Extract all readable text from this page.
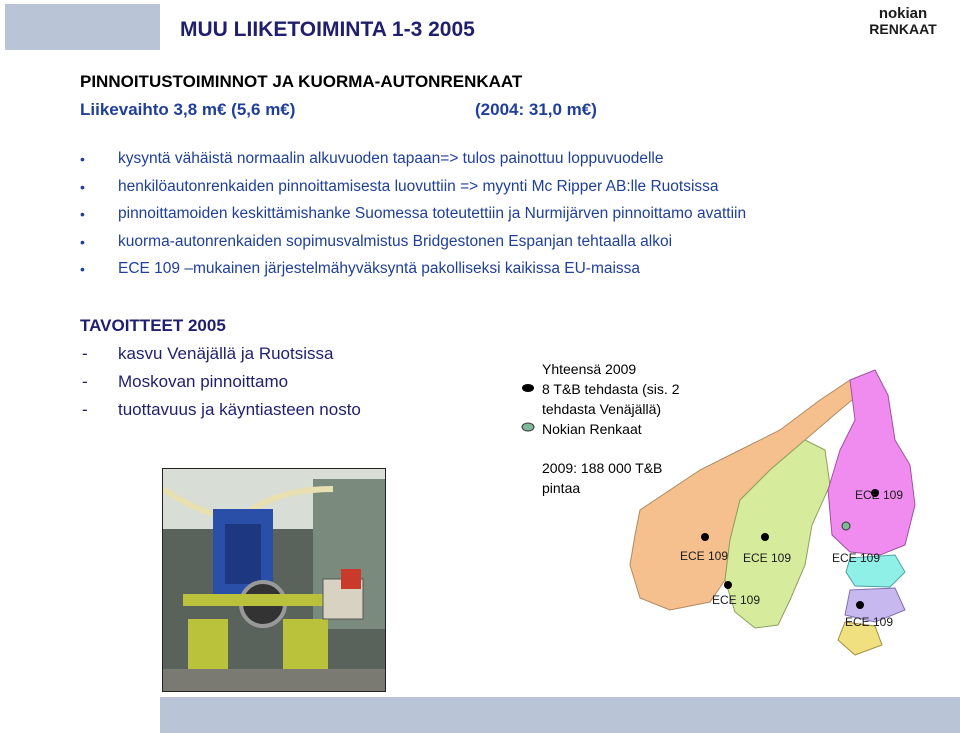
MUU LIIKETOIMINTA 1-3 2005
nokian
RENKAAT
PINNOITUSTOIMINNOT JA KUORMA-AUTONRENKAAT
Liikevaihto 3,8 m€ (5,6 m€)	(2004: 31,0 m€)
• kysyntä vähäistä normaalin alkuvuoden tapaan=> tulos painottuu loppuvuodelle
• henkilöautonrenkaiden pinnoittamisesta luovuttiin => myynti Mc Ripper AB:lle Ruotsissa
• pinnoittamoiden keskittämishanke Suomessa toteutettiin ja Nurmijärven pinnoittamo avattiin
• kuorma-autonrenkaiden sopimusvalmistus Bridgestonen Espanjan tehtaalla alkoi
• ECE 109 –mukainen järjestelmähyväksyntä pakolliseksi kaikissa EU-maissa
TAVOITTEET 2005
- kasvu Venäjällä ja Ruotsissa
- Moskovan pinnoittamo
- tuottavuus ja käyntiasteen nosto
Yhteensä 2009
8 T&B tehdasta (sis. 2
tehdasta Venäjällä)
Nokian Renkaat
2009: 188 000 T&B
pintaa	ECE 109
ECE 109 ECE 109	ECE 109
ECE 109
ECE 109
